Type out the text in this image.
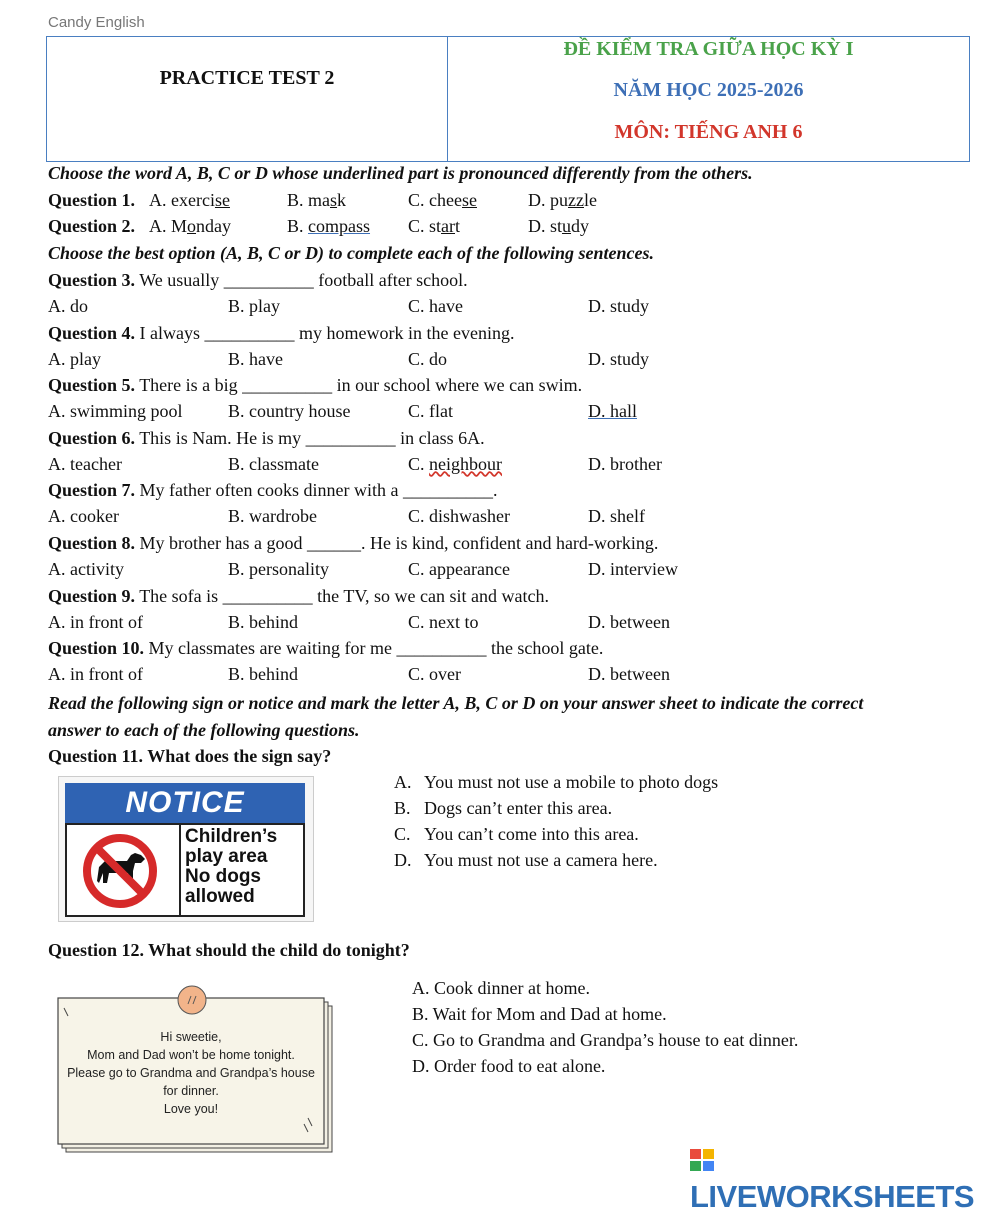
Candy English
PRACTICE TEST 2
ĐỀ KIỂM TRA GIỮA HỌC KỲ I
NĂM HỌC 2025-2026
MÔN: TIẾNG ANH 6
Choose the word A, B, C or D whose underlined part is pronounced differently from the others.
Question 1. A. exercise	B. mask	C. cheese	D. puzzle
Question 2. A. Monday	B. compass C. start	D. study
Choose the best option (A, B, C or D) to complete each of the following sentences.
Question 3. We usually __________ football after school.
A. do	B. play	C. have	D. study
Question 4. I always __________ my homework in the evening.
A. play	B. have	C. do	D. study
Question 5. There is a big __________ in our school where we can swim.
A. swimming pool	B. country house	C. flat	D. hall
Question 6. This is Nam. He is my __________ in class 6A.
A. teacher	B. classmate	C. neighbour	D. brother
Question 7. My father often cooks dinner with a __________.
A. cooker	B. wardrobe	C. dishwasher	D. shelf
Question 8. My brother has a good ______. He is kind, confident and hard-working.
A. activity	B. personality	C. appearance	D. interview
Question 9. The sofa is __________ the TV, so we can sit and watch.
A. in front of	B. behind	C. next to	D. between
Question 10. My classmates are waiting for me __________ the school gate.
A. in front of	B. behind	C. over	D. between
Read the following sign or notice and mark the letter A, B, C or D on your answer sheet to indicate the correct
answer to each of the following questions.
Question 11. What does the sign say?
NOTICE
Children’s
play area
No dogs
allowed
A. You must not use a mobile to photo dogs
B. Dogs can’t enter this area.
C. You can’t come into this area.
D. You must not use a camera here.
Question 12. What should the child do tonight?
Hi sweetie,
Mom and Dad won’t be home tonight.
Please go to Grandma and Grandpa’s house
for dinner.
Love you!
A. Cook dinner at home.
B. Wait for Mom and Dad at home.
C. Go to Grandma and Grandpa’s house to eat dinner.
D. Order food to eat alone.
LIVEWORKSHEETS
